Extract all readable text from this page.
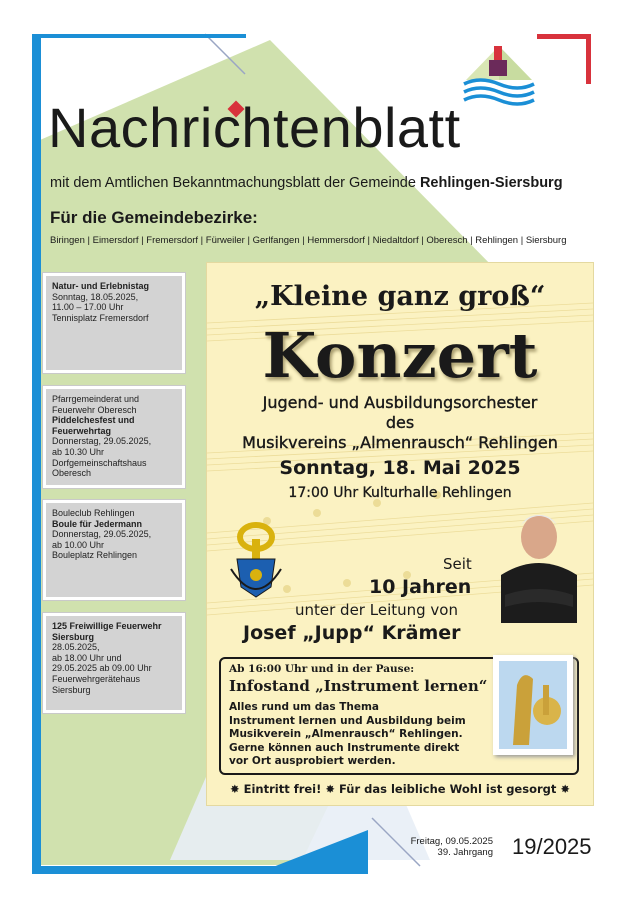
Nachrichtenblatt
mit dem Amtlichen Bekanntmachungsblatt der Gemeinde Rehlingen-Siersburg
Für die Gemeindebezirke:
Biringen | Eimersdorf | Fremersdorf | Fürweiler | Gerlfangen | Hemmersdorf | Niedaltdorf | Oberesch | Rehlingen | Siersburg
Natur- und Erlebnistag
Sonntag, 18.05.2025,
11.00 – 17.00 Uhr
Tennisplatz Fremersdorf
Pfarrgemeinderat und
Feuerwehr Oberesch
Piddelchesfest und
Feuerwehrtag
Donnerstag, 29.05.2025,
ab 10.30 Uhr
Dorfgemeinschaftshaus
Oberesch
Bouleclub Rehlingen
Boule für Jedermann
Donnerstag, 29.05.2025,
ab 10.00 Uhr
Bouleplatz Rehlingen
125 Freiwillige Feuerwehr
Siersburg
28.05.2025,
ab 18.00 Uhr und
29.05.2025 ab 09.00 Uhr
Feuerwehrgerätehaus
Siersburg
„Kleine ganz groß“
Konzert
Jugend- und Ausbildungsorchester
des
Musikvereins „Almenrausch“ Rehlingen
Sonntag, 18. Mai 2025
17:00 Uhr Kulturhalle Rehlingen
Seit
10 Jahren
unter der Leitung von
Josef „Jupp“ Krämer
Ab 16:00 Uhr und in der Pause:
Infostand „Instrument lernen“
Alles rund um das Thema
Instrument lernen und Ausbildung beim
Musikverein „Almenrausch“ Rehlingen.
Gerne können auch Instrumente direkt
vor Ort ausprobiert werden.
✸ Eintritt frei! ✸ Für das leibliche Wohl ist gesorgt ✸
Freitag, 09.05.2025
39. Jahrgang 19/2025
